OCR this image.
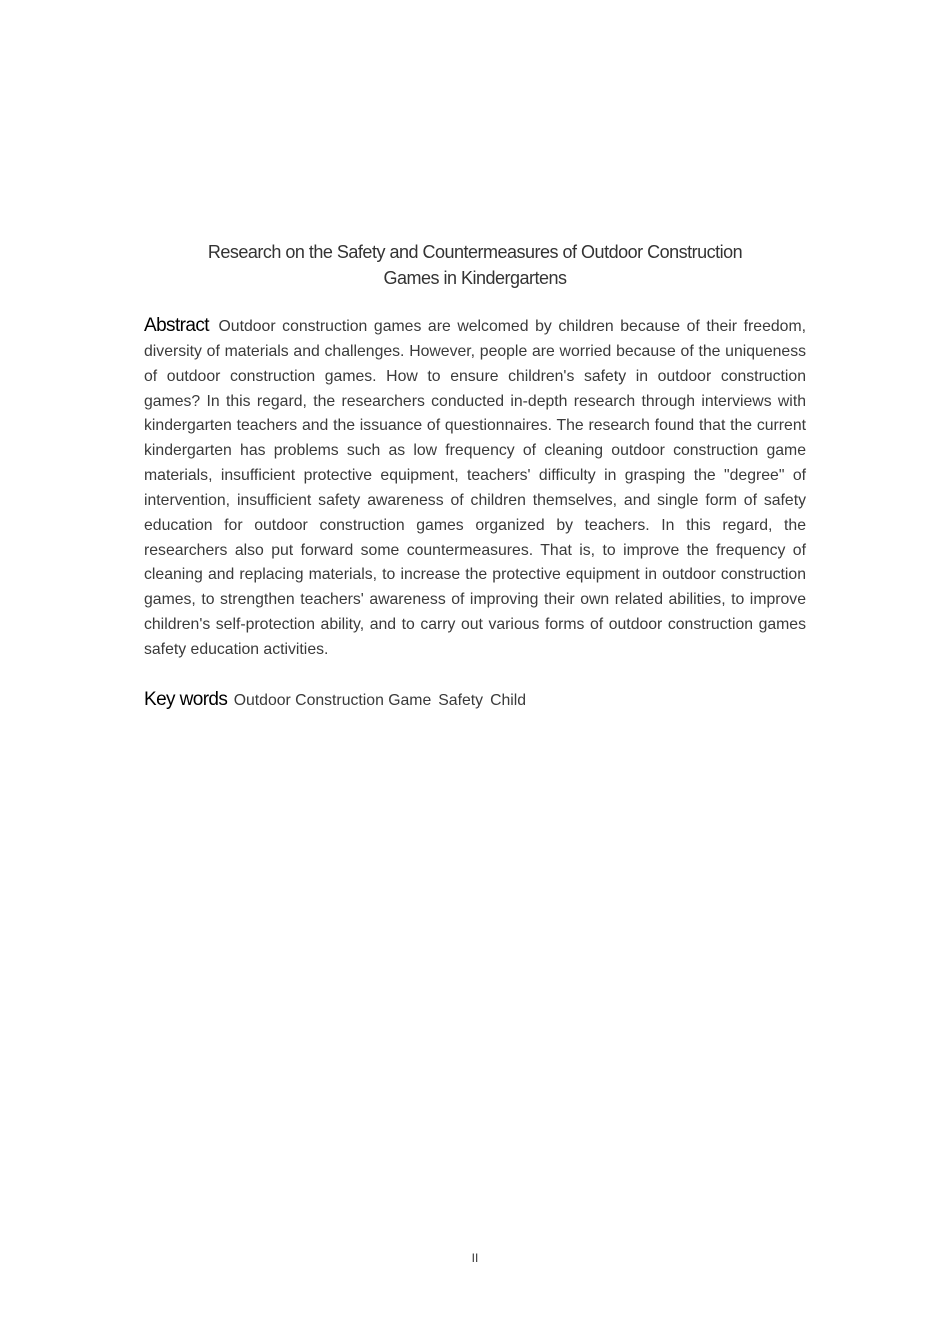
Research on the Safety and Countermeasures of Outdoor Construction
Games in Kindergartens
Abstract Outdoor construction games are welcomed by children because of their freedom, diversity of materials and challenges. However, people are worried because of the uniqueness of outdoor construction games. How to ensure children's safety in outdoor construction games? In this regard, the researchers conducted in-depth research through interviews with kindergarten teachers and the issuance of questionnaires. The research found that the current kindergarten has problems such as low frequency of cleaning outdoor construction game materials, insufficient protective equipment, teachers' difficulty in grasping the "degree" of intervention, insufficient safety awareness of children themselves, and single form of safety education for outdoor construction games organized by teachers. In this regard, the researchers also put forward some countermeasures. That is, to improve the frequency of cleaning and replacing materials, to increase the protective equipment in outdoor construction games, to strengthen teachers' awareness of improving their own related abilities, to improve children's self-protection ability, and to carry out various forms of outdoor construction games safety education activities.
Key words Outdoor Construction Game Safety Child
II
